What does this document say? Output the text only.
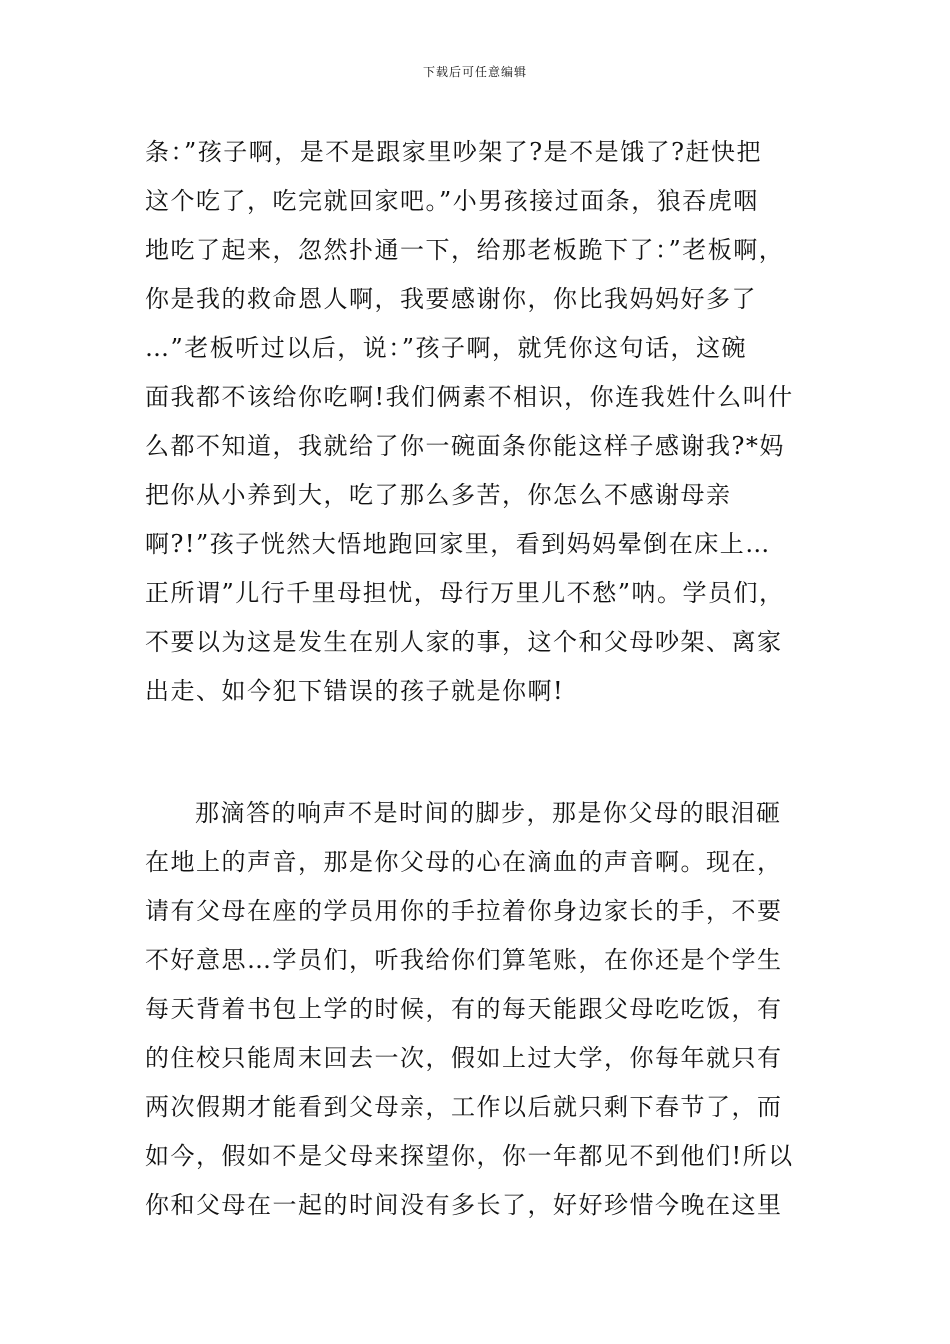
下载后可任意编辑
条：”孩子啊，是不是跟家里吵架了?是不是饿了?赶快把
这个吃了，吃完就回家吧。”小男孩接过面条，狼吞虎咽
地吃了起来，忽然扑通一下，给那老板跪下了：”老板啊，
你是我的救命恩人啊，我要感谢你，你比我妈妈好多了
…”老板听过以后，说：”孩子啊，就凭你这句话，这碗
面我都不该给你吃啊!我们俩素不相识，你连我姓什么叫什
么都不知道，我就给了你一碗面条你能这样子感谢我?*妈
把你从小养到大，吃了那么多苦，你怎么不感谢母亲
啊?!”孩子恍然大悟地跑回家里，看到妈妈晕倒在床上…
正所谓”儿行千里母担忧，母行万里儿不愁”呐。学员们，
不要以为这是发生在别人家的事，这个和父母吵架、离家
出走、如今犯下错误的孩子就是你啊!
那滴答的响声不是时间的脚步，那是你父母的眼泪砸
在地上的声音，那是你父母的心在滴血的声音啊。现在，
请有父母在座的学员用你的手拉着你身边家长的手，不要
不好意思…学员们，听我给你们算笔账，在你还是个学生
每天背着书包上学的时候，有的每天能跟父母吃吃饭，有
的住校只能周末回去一次，假如上过大学，你每年就只有
两次假期才能看到父母亲，工作以后就只剩下春节了，而
如今，假如不是父母来探望你，你一年都见不到他们!所以
你和父母在一起的时间没有多长了，好好珍惜今晚在这里
